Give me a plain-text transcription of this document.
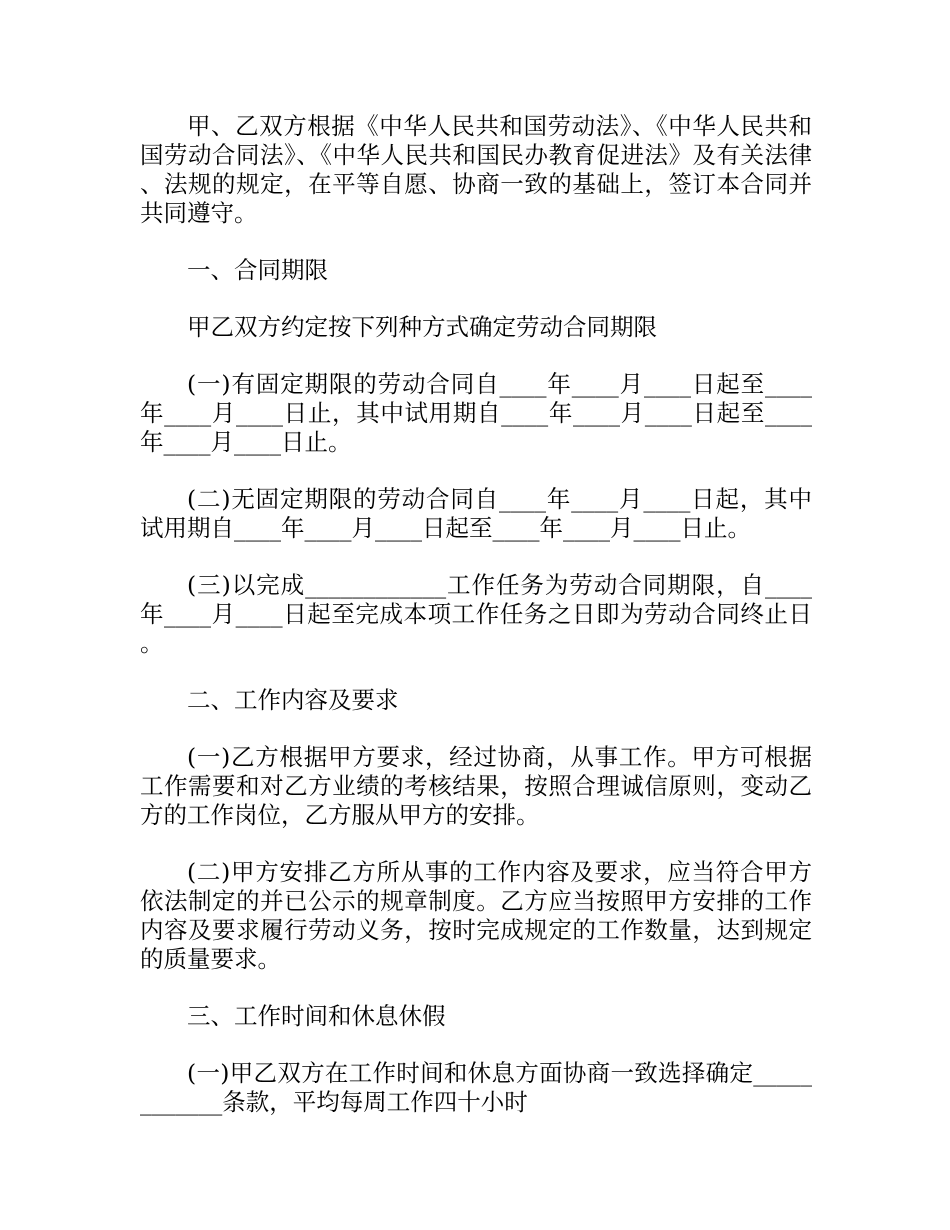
甲、乙双方根据《中华人民共和国劳动法》、《中华人民共和国劳动合同法》、《中华人民共和国民办教育促进法》及有关法律、法规的规定，在平等自愿、协商一致的基础上，签订本合同并共同遵守。

一、合同期限

甲乙双方约定按下列种方式确定劳动合同期限

(一)有固定期限的劳动合同自____年____月____日起至____年____月____日止，其中试用期自____年____月____日起至____年____月____日止。

(二)无固定期限的劳动合同自____年____月____日起，其中试用期自____年____月____日起至____年____月____日止。

(三)以完成____________工作任务为劳动合同期限，自____年____月____日起至完成本项工作任务之日即为劳动合同终止日。

二、工作内容及要求

(一)乙方根据甲方要求，经过协商，从事工作。甲方可根据工作需要和对乙方业绩的考核结果，按照合理诚信原则，变动乙方的工作岗位，乙方服从甲方的安排。

(二)甲方安排乙方所从事的工作内容及要求，应当符合甲方依法制定的并已公示的规章制度。乙方应当按照甲方安排的工作内容及要求履行劳动义务，按时完成规定的工作数量，达到规定的质量要求。

三、工作时间和休息休假

(一)甲乙双方在工作时间和休息方面协商一致选择确定____________条款，平均每周工作四十小时
